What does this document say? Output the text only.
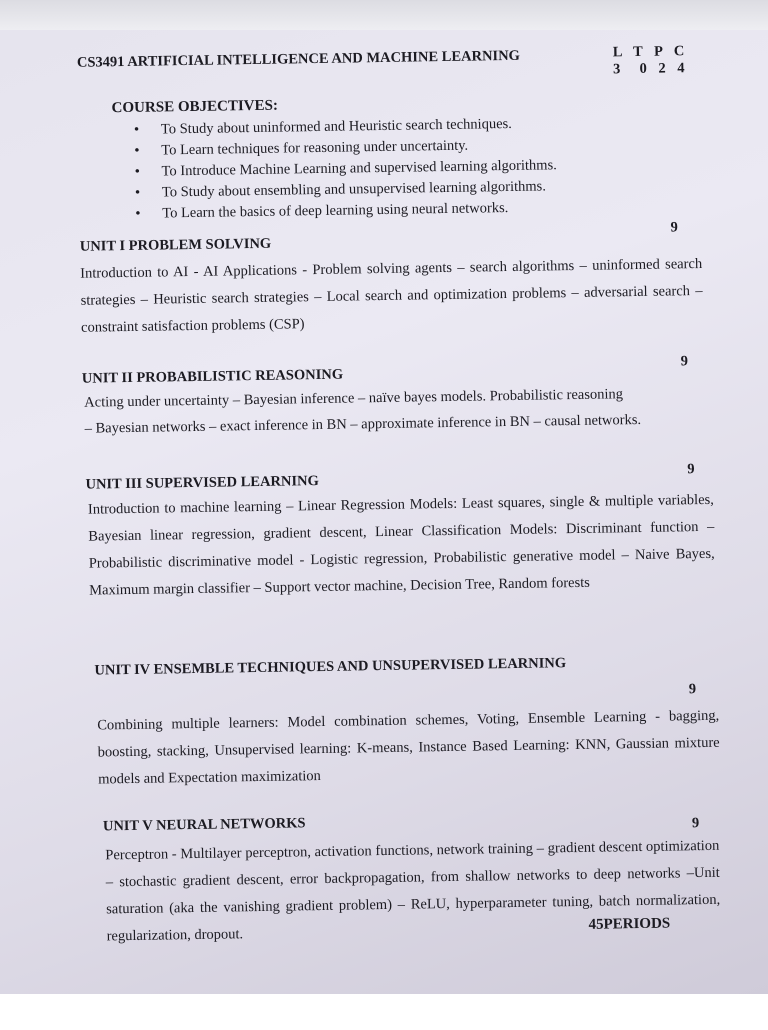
CS3491 ARTIFICIAL INTELLIGENCE AND MACHINE LEARNING	L T P C
3  0 2 4
COURSE OBJECTIVES:
• To Study about uninformed and Heuristic search techniques.
• To Learn techniques for reasoning under uncertainty.
• To Introduce Machine Learning and supervised learning algorithms.
• To Study about ensembling and unsupervised learning algorithms.
• To Learn the basics of deep learning using neural networks.
UNIT I PROBLEM SOLVING
9
Introduction to AI - AI Applications - Problem solving agents – search algorithms – uninformed search strategies – Heuristic search strategies – Local search and optimization problems – adversarial search – constraint satisfaction problems (CSP)
UNIT II PROBABILISTIC REASONING
9
Acting under uncertainty – Bayesian inference – naïve bayes models. Probabilistic reasoning
– Bayesian networks – exact inference in BN – approximate inference in BN – causal networks.
UNIT III SUPERVISED LEARNING
9
Introduction to machine learning – Linear Regression Models: Least squares, single & multiple variables, Bayesian linear regression, gradient descent, Linear Classification Models: Discriminant function – Probabilistic discriminative model - Logistic regression, Probabilistic generative model – Naive Bayes, Maximum margin classifier – Support vector machine, Decision Tree, Random forests
UNIT IV ENSEMBLE TECHNIQUES AND UNSUPERVISED LEARNING
9
Combining multiple learners: Model combination schemes, Voting, Ensemble Learning - bagging, boosting, stacking, Unsupervised learning: K-means, Instance Based Learning: KNN, Gaussian mixture models and Expectation maximization
UNIT V NEURAL NETWORKS	9
Perceptron - Multilayer perceptron, activation functions, network training – gradient descent optimization – stochastic gradient descent, error backpropagation, from shallow networks to deep networks –Unit saturation (aka the vanishing gradient problem) – ReLU, hyperparameter tuning, batch normalization, regularization, dropout.
45PERIODS
